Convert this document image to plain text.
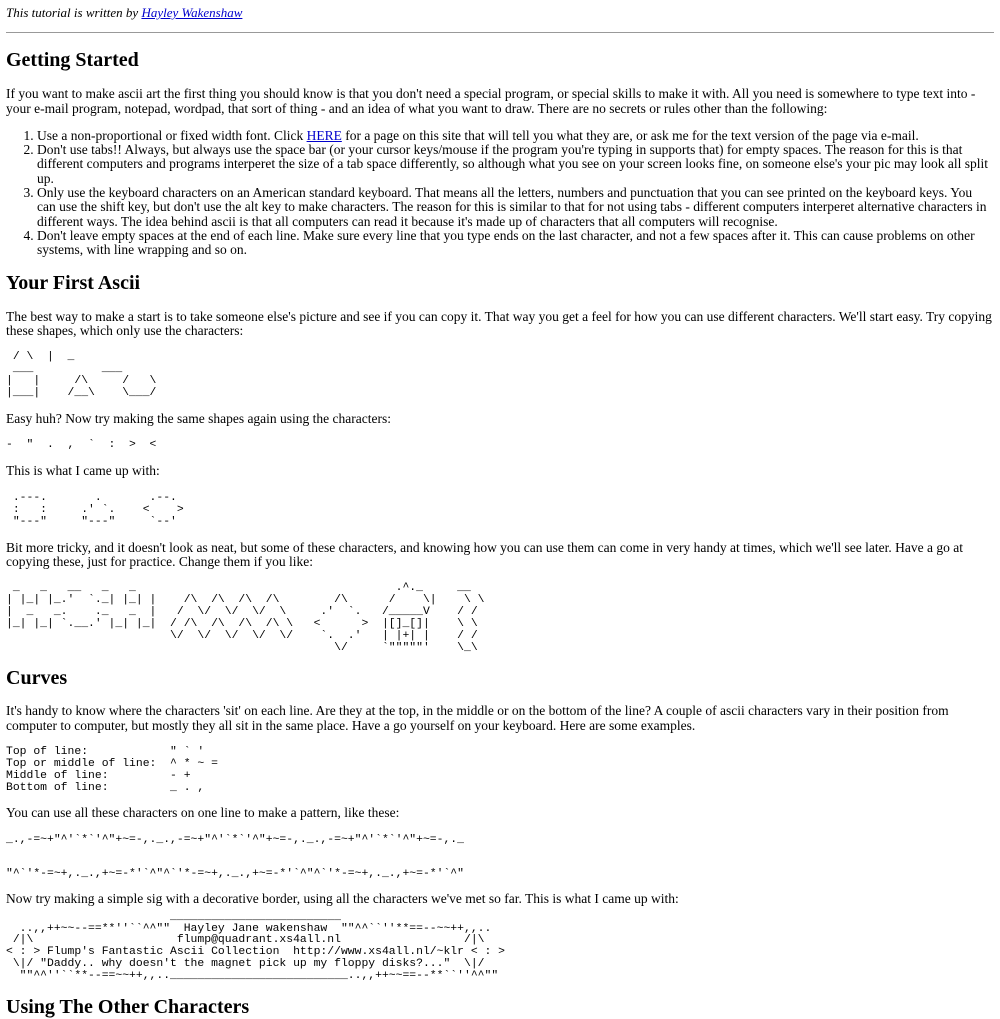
This tutorial is written by Hayley Wakenshaw

Getting Started

If you want to make ascii art the first thing you should know is that you don't need a special program, or special skills to make it with. All you need is somewhere to type text into - your e-mail program, notepad, wordpad, that sort of thing - and an idea of what you want to draw. There are no secrets or rules other than the following:

1. Use a non-proportional or fixed width font. Click HERE for a page on this site that will tell you what they are, or ask me for the text version of the page via e-mail.
2. Don't use tabs!! Always, but always use the space bar (or your cursor keys/mouse if the program you're typing in supports that) for empty spaces. The reason for this is that different computers and programs interperet the size of a tab space differently, so although what you see on your screen looks fine, on someone else's your pic may look all split up.
3. Only use the keyboard characters on an American standard keyboard. That means all the letters, numbers and punctuation that you can see printed on the keyboard keys. You can use the shift key, but don't use the alt key to make characters. The reason for this is similar to that for not using tabs - different computers interperet alternative characters in different ways. The idea behind ascii is that all computers can read it because it's made up of characters that all computers will recognise.
4. Don't leave empty spaces at the end of each line. Make sure every line that you type ends on the last character, and not a few spaces after it. This can cause problems on other systems, with line wrapping and so on.
Your First Ascii

The best way to make a start is to take someone else's picture and see if you can copy it. That way you get a feel for how you can use different characters. We'll start easy. Try copying these shapes, which only use the characters:

/ \  |  _
___          ___
|   |     /\     /   \
|___|    /__\    \___/

Easy huh? Now try making the same shapes again using the characters:

-  "  .  ,  `  :  >  <

This is what I came up with:

.---.       .       .--.
:   :     .' `.    <    >
"---"     "---"     `--'

Bit more tricky, and it doesn't look as neat, but some of these characters, and knowing how you can use them can come in very handy at times, which we'll see later. Have a go at copying these, just for practice. Change them if you like:

_   _   __   _   _                                      .^._     __
| |_| |_.'  `._| |_| |    /\  /\  /\  /\        /\      /    \|    \ \
|  _   _.    ._   _  |   /  \/  \/  \/  \     .'  `.   /_____V    / /
|_| |_| `.__.' |_| |_|  / /\  /\  /\  /\ \   <      >  |[]_[]|    \ \
\/  \/  \/  \/  \/    `.  .'   | |+| |    / /
\/     `"""""'    \_\
Curves

It's handy to know where the characters 'sit' on each line. Are they at the top, in the middle or on the bottom of the line? A couple of ascii characters vary in their position from computer to computer, but mostly they all sit in the same place. Have a go yourself on your keyboard. Here are some examples.

Top of line:            " ` '
Top or middle of line:  ^ * ~ =
Middle of line:         - +
Bottom of line:         _ . ,

You can use all these characters on one line to make a pattern, like these:

_.,-=~+"^'`*`'^"+~=-,._.,-=~+"^'`*`'^"+~=-,._.,-=~+"^'`*`'^"+~=-,._
"^`'*-=~+,._.,+~=-*'`^"^`'*-=~+,._.,+~=-*'`^"^`'*-=~+,._.,+~=-*'`^"

Now try making a simple sig with a decorative border, using all the characters we've met so far. This is what I came up with:

_________________________
..,,++~~--==**''``^^""  Hayley Jane wakenshaw  ""^^``''**==--~~++,,..
/|\                     flump@quadrant.xs4all.nl                  /|\
< : > Flump's Fantastic Ascii Collection  http://www.xs4all.nl/~klr < : >
\|/ "Daddy.. why doesn't the magnet pick up my floppy disks?..."  \|/
""^^''``**--==~~++,,..__________________________..,,++~~==--**``''^^""
Using The Other Characters
